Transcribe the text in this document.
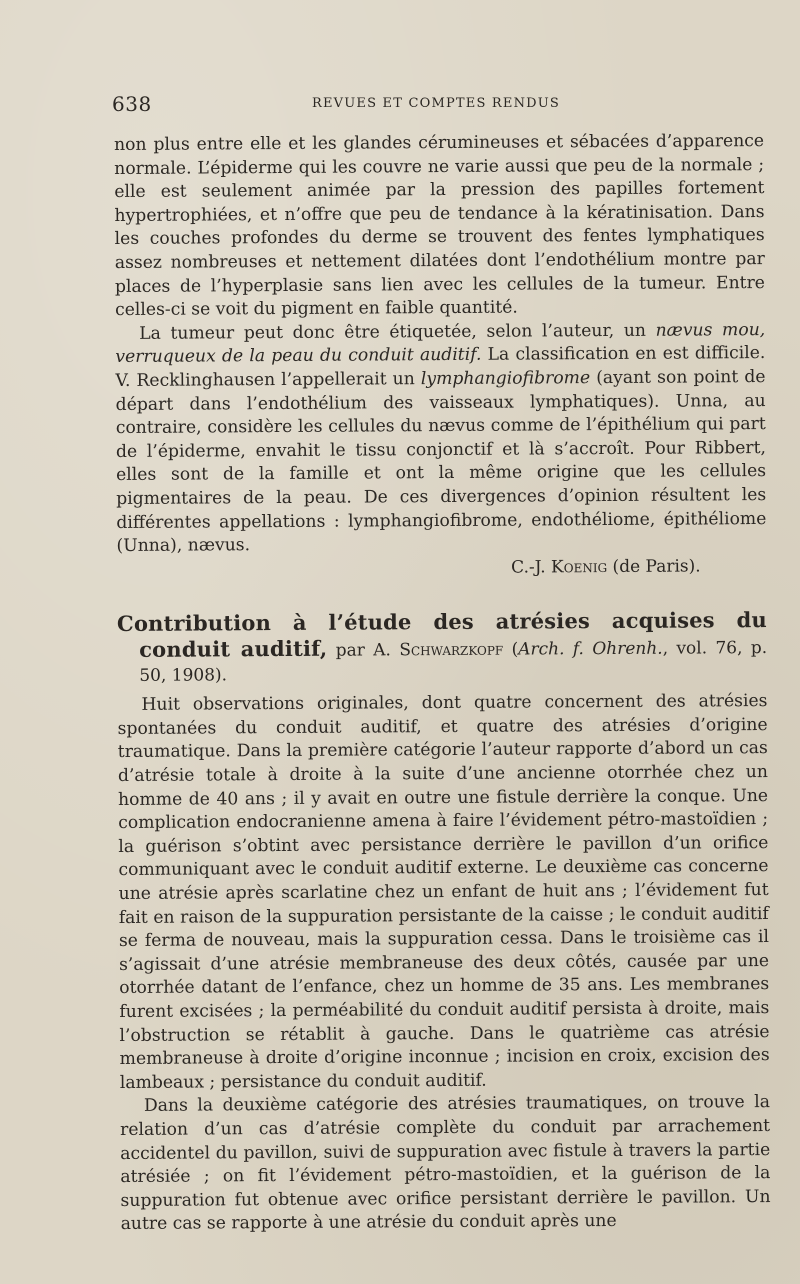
638	REVUES ET COMPTES RENDUS

non plus entre elle et les glandes cérumineuses et sébacées d’apparence normale. L’épiderme qui les couvre ne varie aussi que peu de la normale ; elle est seulement animée par la pression des papilles fortement hypertrophiées, et n’offre que peu de tendance à la kératinisation. Dans les couches profondes du derme se trouvent des fentes lymphatiques assez nombreuses et nettement dilatées dont l’endothélium montre par places de l’hyperplasie sans lien avec les cellules de la tumeur. Entre celles-ci se voit du pigment en faible quantité.

La tumeur peut donc être étiquetée, selon l’auteur, un nævus mou, verruqueux de la peau du conduit auditif. La classification en est difficile. V. Recklinghausen l’appellerait un lymphangiofibrome (ayant son point de départ dans l’endothélium des vaisseaux lymphatiques). Unna, au contraire, considère les cellules du nævus comme de l’épithélium qui part de l’épiderme, envahit le tissu conjonctif et là s’accroît. Pour Ribbert, elles sont de la famille et ont la même origine que les cellules pigmentaires de la peau. De ces divergences d’opinion résultent les différentes appellations : lymphangiofibrome, endothéliome, épithéliome (Unna), nævus.

C.-J. Koenig (de Paris).

Contribution à l’étude des atrésies acquises du conduit auditif, par A. Schwarzkopf (Arch. f. Ohrenh., vol. 76, p. 50, 1908).

Huit observations originales, dont quatre concernent des atrésies spontanées du conduit auditif, et quatre des atrésies d’origine traumatique. Dans la première catégorie l’auteur rapporte d’abord un cas d’atrésie totale à droite à la suite d’une ancienne otorrhée chez un homme de 40 ans ; il y avait en outre une fistule derrière la conque. Une complication endocranienne amena à faire l’évidement pétro-mastoïdien ; la guérison s’obtint avec persistance derrière le pavillon d’un orifice communiquant avec le conduit auditif externe. Le deuxième cas concerne une atrésie après scarlatine chez un enfant de huit ans ; l’évidement fut fait en raison de la suppuration persistante de la caisse ; le conduit auditif se ferma de nouveau, mais la suppuration cessa. Dans le troisième cas il s’agissait d’une atrésie membraneuse des deux côtés, causée par une otorrhée datant de l’enfance, chez un homme de 35 ans. Les membranes furent excisées ; la perméabilité du conduit auditif persista à droite, mais l’obstruction se rétablit à gauche. Dans le quatrième cas atrésie membraneuse à droite d’origine inconnue ; incision en croix, excision des lambeaux ; persistance du conduit auditif.

Dans la deuxième catégorie des atrésies traumatiques, on trouve la relation d’un cas d’atrésie complète du conduit par arrachement accidentel du pavillon, suivi de suppuration avec fistule à travers la partie atrésiée ; on fit l’évidement pétro-mastoïdien, et la guérison de la suppuration fut obtenue avec orifice persistant derrière le pavillon. Un autre cas se rapporte à une atrésie du conduit après une
